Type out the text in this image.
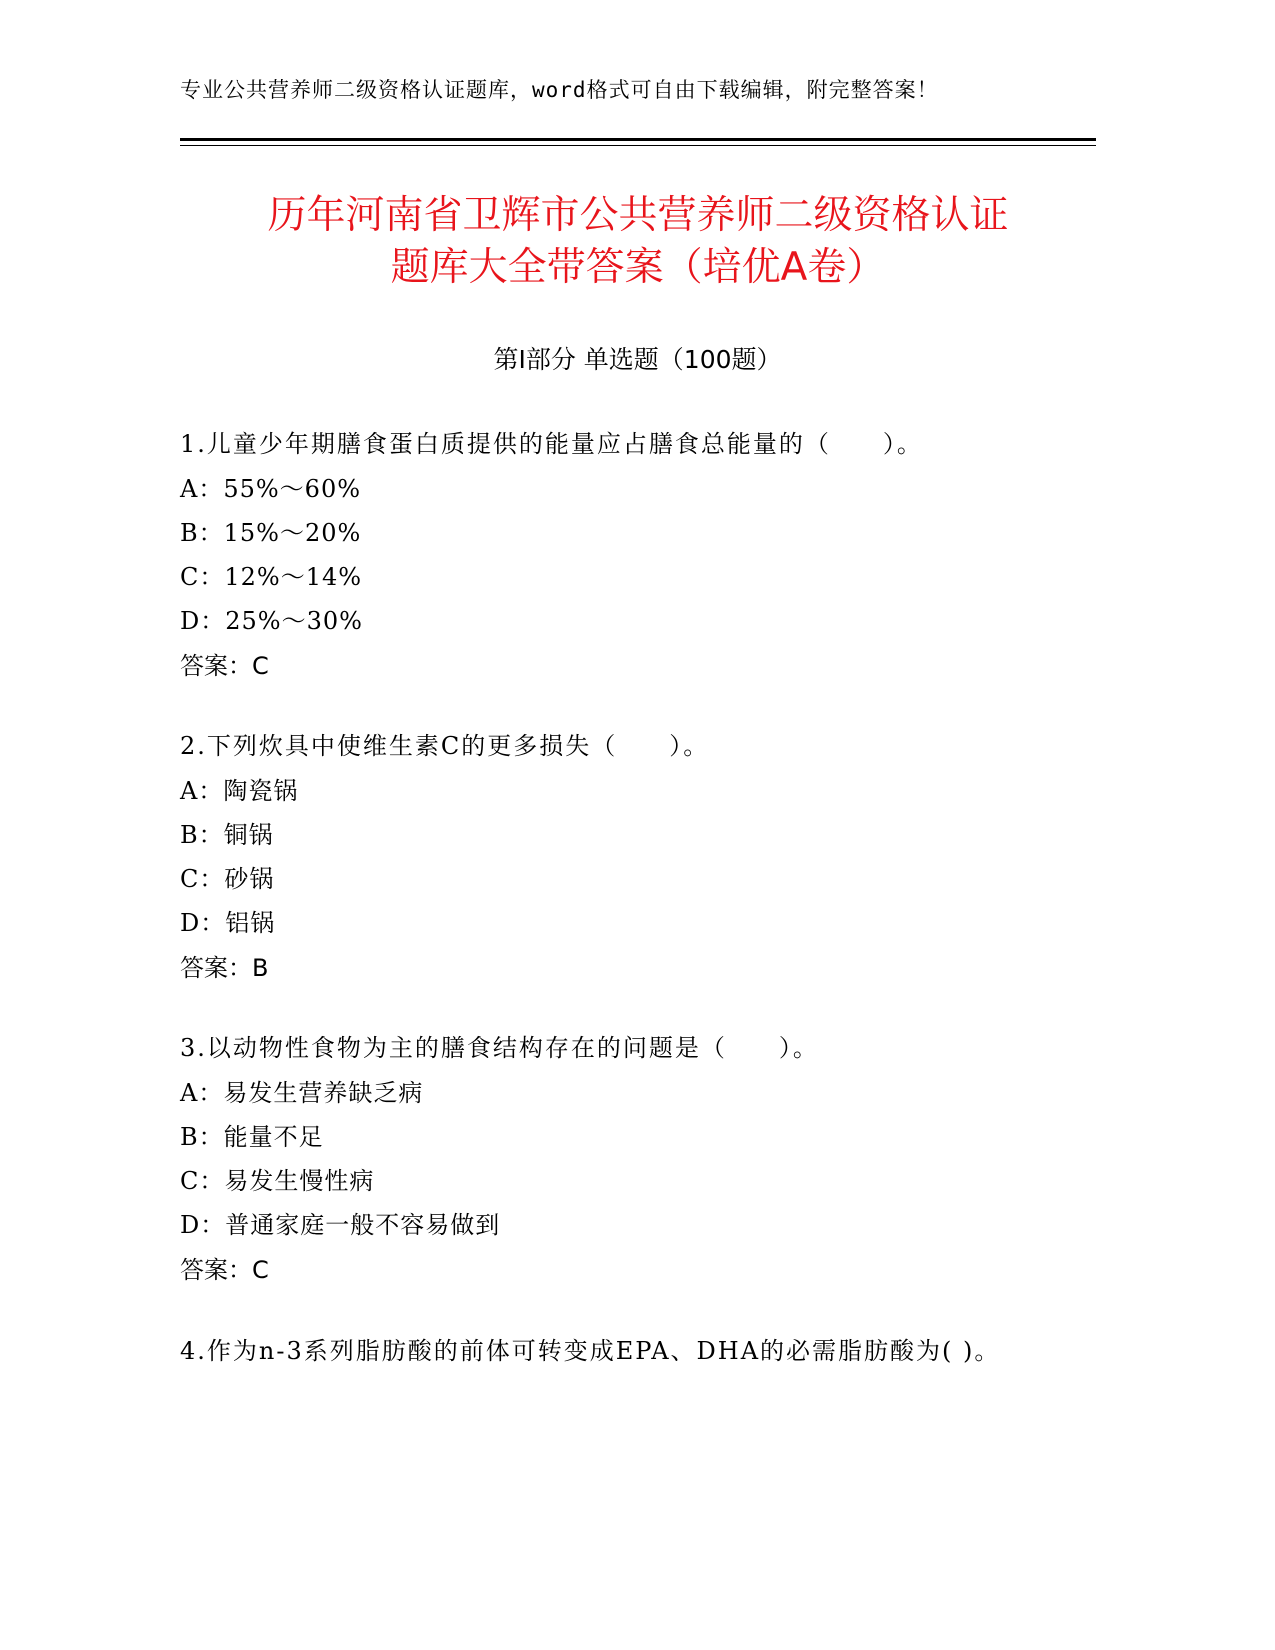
专业公共营养师二级资格认证题库，word格式可自由下载编辑，附完整答案！
历年河南省卫辉市公共营养师二级资格认证
题库大全带答案（培优A卷）
第I部分 单选题（100题）
1.儿童少年期膳食蛋白质提供的能量应占膳食总能量的（　　）。
A：55%～60%
B：15%～20%
C：12%～14%
D：25%～30%
答案：C
2.下列炊具中使维生素C的更多损失（　　）。
A：陶瓷锅
B：铜锅
C：砂锅
D：铝锅
答案：B
3.以动物性食物为主的膳食结构存在的问题是（　　）。
A：易发生营养缺乏病
B：能量不足
C：易发生慢性病
D：普通家庭一般不容易做到
答案：C
4.作为n-3系列脂肪酸的前体可转变成EPA、DHA的必需脂肪酸为( )。
